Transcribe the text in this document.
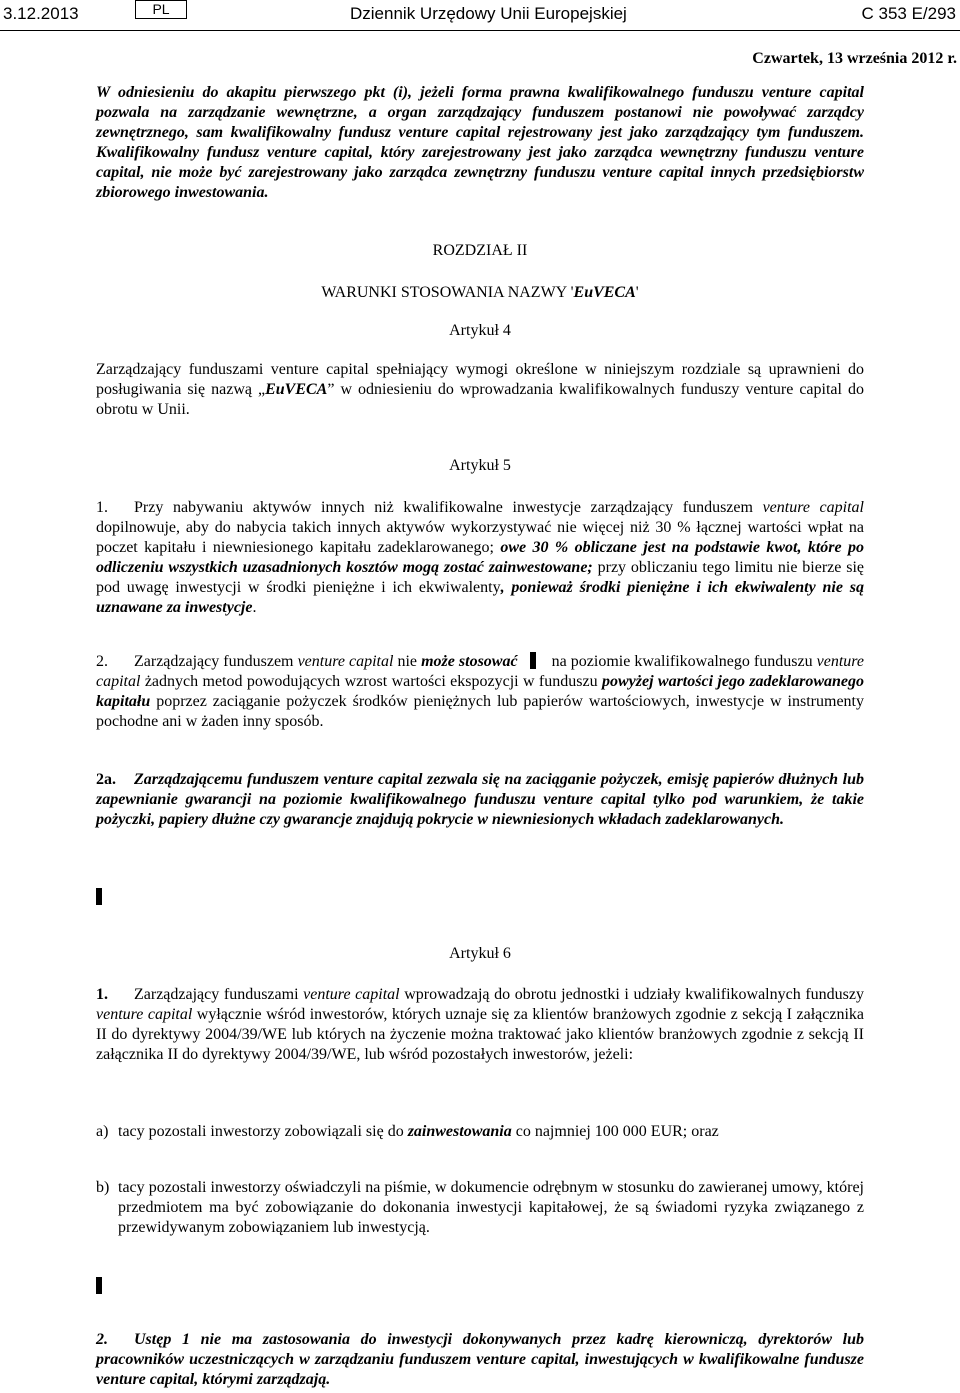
3.12.2013	PL	Dziennik Urzędowy Unii Europejskiej	C 353 E/293
Czwartek, 13 września 2012 r.

W odniesieniu do akapitu pierwszego pkt (i), jeżeli forma prawna kwalifikowalnego funduszu venture capital pozwala na zarządzanie wewnętrzne, a organ zarządzający funduszem postanowi nie powoływać zarządcy zewnętrznego, sam kwalifikowalny fundusz venture capital rejestrowany jest jako zarządzający tym funduszem. Kwalifikowalny fundusz venture capital, który zarejestrowany jest jako zarządca wewnętrzny funduszu venture capital, nie może być zarejestrowany jako zarządca zewnętrzny funduszu venture capital innych przedsiębiorstw zbiorowego inwestowania.

ROZDZIAŁ II

WARUNKI STOSOWANIA NAZWY 'EuVECA'

Artykuł 4

Zarządzający funduszami venture capital spełniający wymogi określone w niniejszym rozdziale są uprawnieni do posługiwania się nazwą „EuVECA” w odniesieniu do wprowadzania kwalifikowalnych funduszy venture capital do obrotu w Unii.

Artykuł 5

1. Przy nabywaniu aktywów innych niż kwalifikowalne inwestycje zarządzający funduszem venture capital dopilnowuje, aby do nabycia takich innych aktywów wykorzystywać nie więcej niż 30 % łącznej wartości wpłat na poczet kapitału i niewniesionego kapitału zadeklarowanego; owe 30 % obliczane jest na podstawie kwot, które po odliczeniu wszystkich uzasadnionych kosztów mogą zostać zainwestowane; przy obliczaniu tego limitu nie bierze się pod uwagę inwestycji w środki pieniężne i ich ekwiwalenty, ponieważ środki pieniężne i ich ekwiwalenty nie są uznawane za inwestycje.

2. Zarządzający funduszem venture capital nie może stosować na poziomie kwalifikowalnego funduszu venture capital żadnych metod powodujących wzrost wartości ekspozycji w funduszu powyżej wartości jego zadeklarowanego kapitału poprzez zaciąganie pożyczek środków pieniężnych lub papierów wartościowych, inwestycje w instrumenty pochodne ani w żaden inny sposób.

2a. Zarządzającemu funduszem venture capital zezwala się na zaciąganie pożyczek, emisję papierów dłużnych lub zapewnianie gwarancji na poziomie kwalifikowalnego funduszu venture capital tylko pod warunkiem, że takie pożyczki, papiery dłużne czy gwarancje znajdują pokrycie w niewniesionych wkładach zadeklarowanych.

Artykuł 6

1. Zarządzający funduszami venture capital wprowadzają do obrotu jednostki i udziały kwalifikowalnych funduszy venture capital wyłącznie wśród inwestorów, których uznaje się za klientów branżowych zgodnie z sekcją I załącznika II do dyrektywy 2004/39/WE lub których na życzenie można traktować jako klientów branżowych zgodnie z sekcją II załącznika II do dyrektywy 2004/39/WE, lub wśród pozostałych inwestorów, jeżeli:

a) tacy pozostali inwestorzy zobowiązali się do zainwestowania co najmniej 100 000 EUR; oraz
b) tacy pozostali inwestorzy oświadczyli na piśmie, w dokumencie odrębnym w stosunku do zawieranej umowy, której przedmiotem ma być zobowiązanie do dokonania inwestycji kapitałowej, że są świadomi ryzyka związanego z przewidywanym zobowiązaniem lub inwestycją.

2. Ustęp 1 nie ma zastosowania do inwestycji dokonywanych przez kadrę kierowniczą, dyrektorów lub pracowników uczestniczących w zarządzaniu funduszem venture capital, inwestujących w kwalifikowalne fundusze venture capital, którymi zarządzają.
